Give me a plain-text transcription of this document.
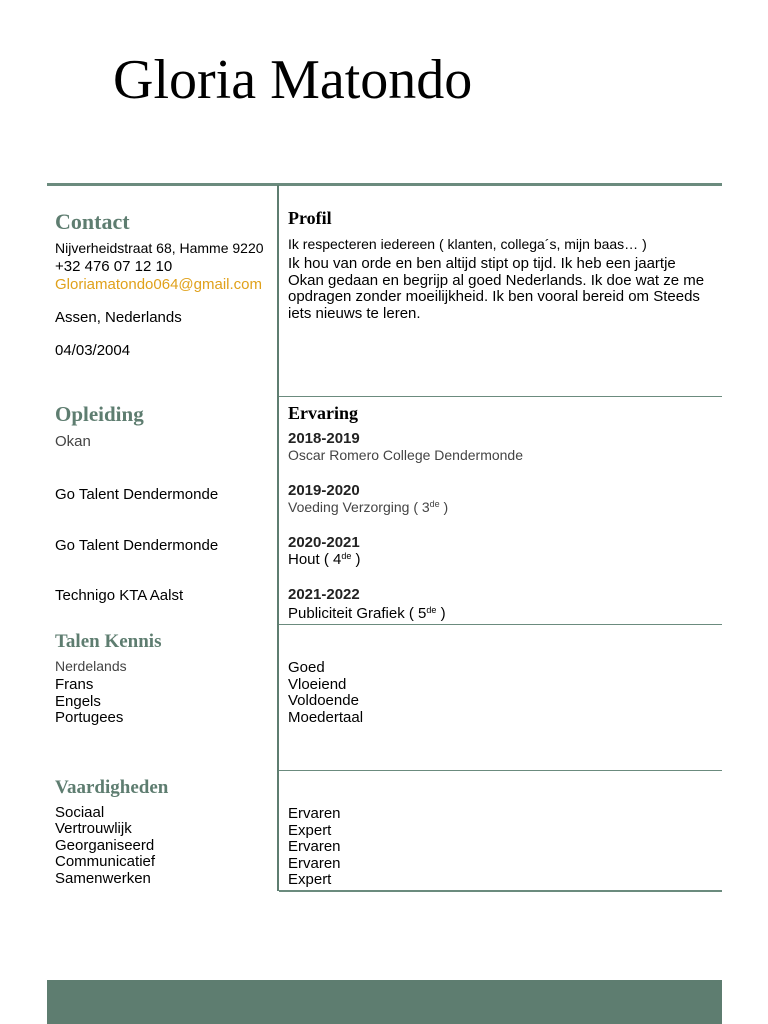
Gloria Matondo
Contact
Nijverheidstraat 68, Hamme 9220
+32 476 07 12 10
Gloriamatondo064@gmail.com
Assen, Nederlands
04/03/2004
Profil
Ik respecteren iedereen ( klanten, collega´s, mijn baas… )
Ik hou van orde en ben altijd stipt op tijd. Ik heb een jaartje Okan gedaan en begrijp al goed Nederlands. Ik doe wat ze me opdragen zonder moeilijkheid. Ik ben vooral bereid om Steeds iets nieuws te leren.
Opleiding
Okan
Go Talent Dendermonde
Go Talent Dendermonde
Technigo KTA Aalst
Ervaring
2018-2019
Oscar Romero College Dendermonde
2019-2020
Voeding Verzorging ( 3de )
2020-2021
Hout ( 4de )
2021-2022
Publiciteit Grafiek ( 5de )
Talen Kennis
Nerdelands
Frans
Engels
Portugees
Goed
Vloeiend
Voldoende
Moedertaal
Vaardigheden
Sociaal
Vertrouwlijk
Georganiseerd
Communicatief
Samenwerken
Ervaren
Expert
Ervaren
Ervaren
Expert
